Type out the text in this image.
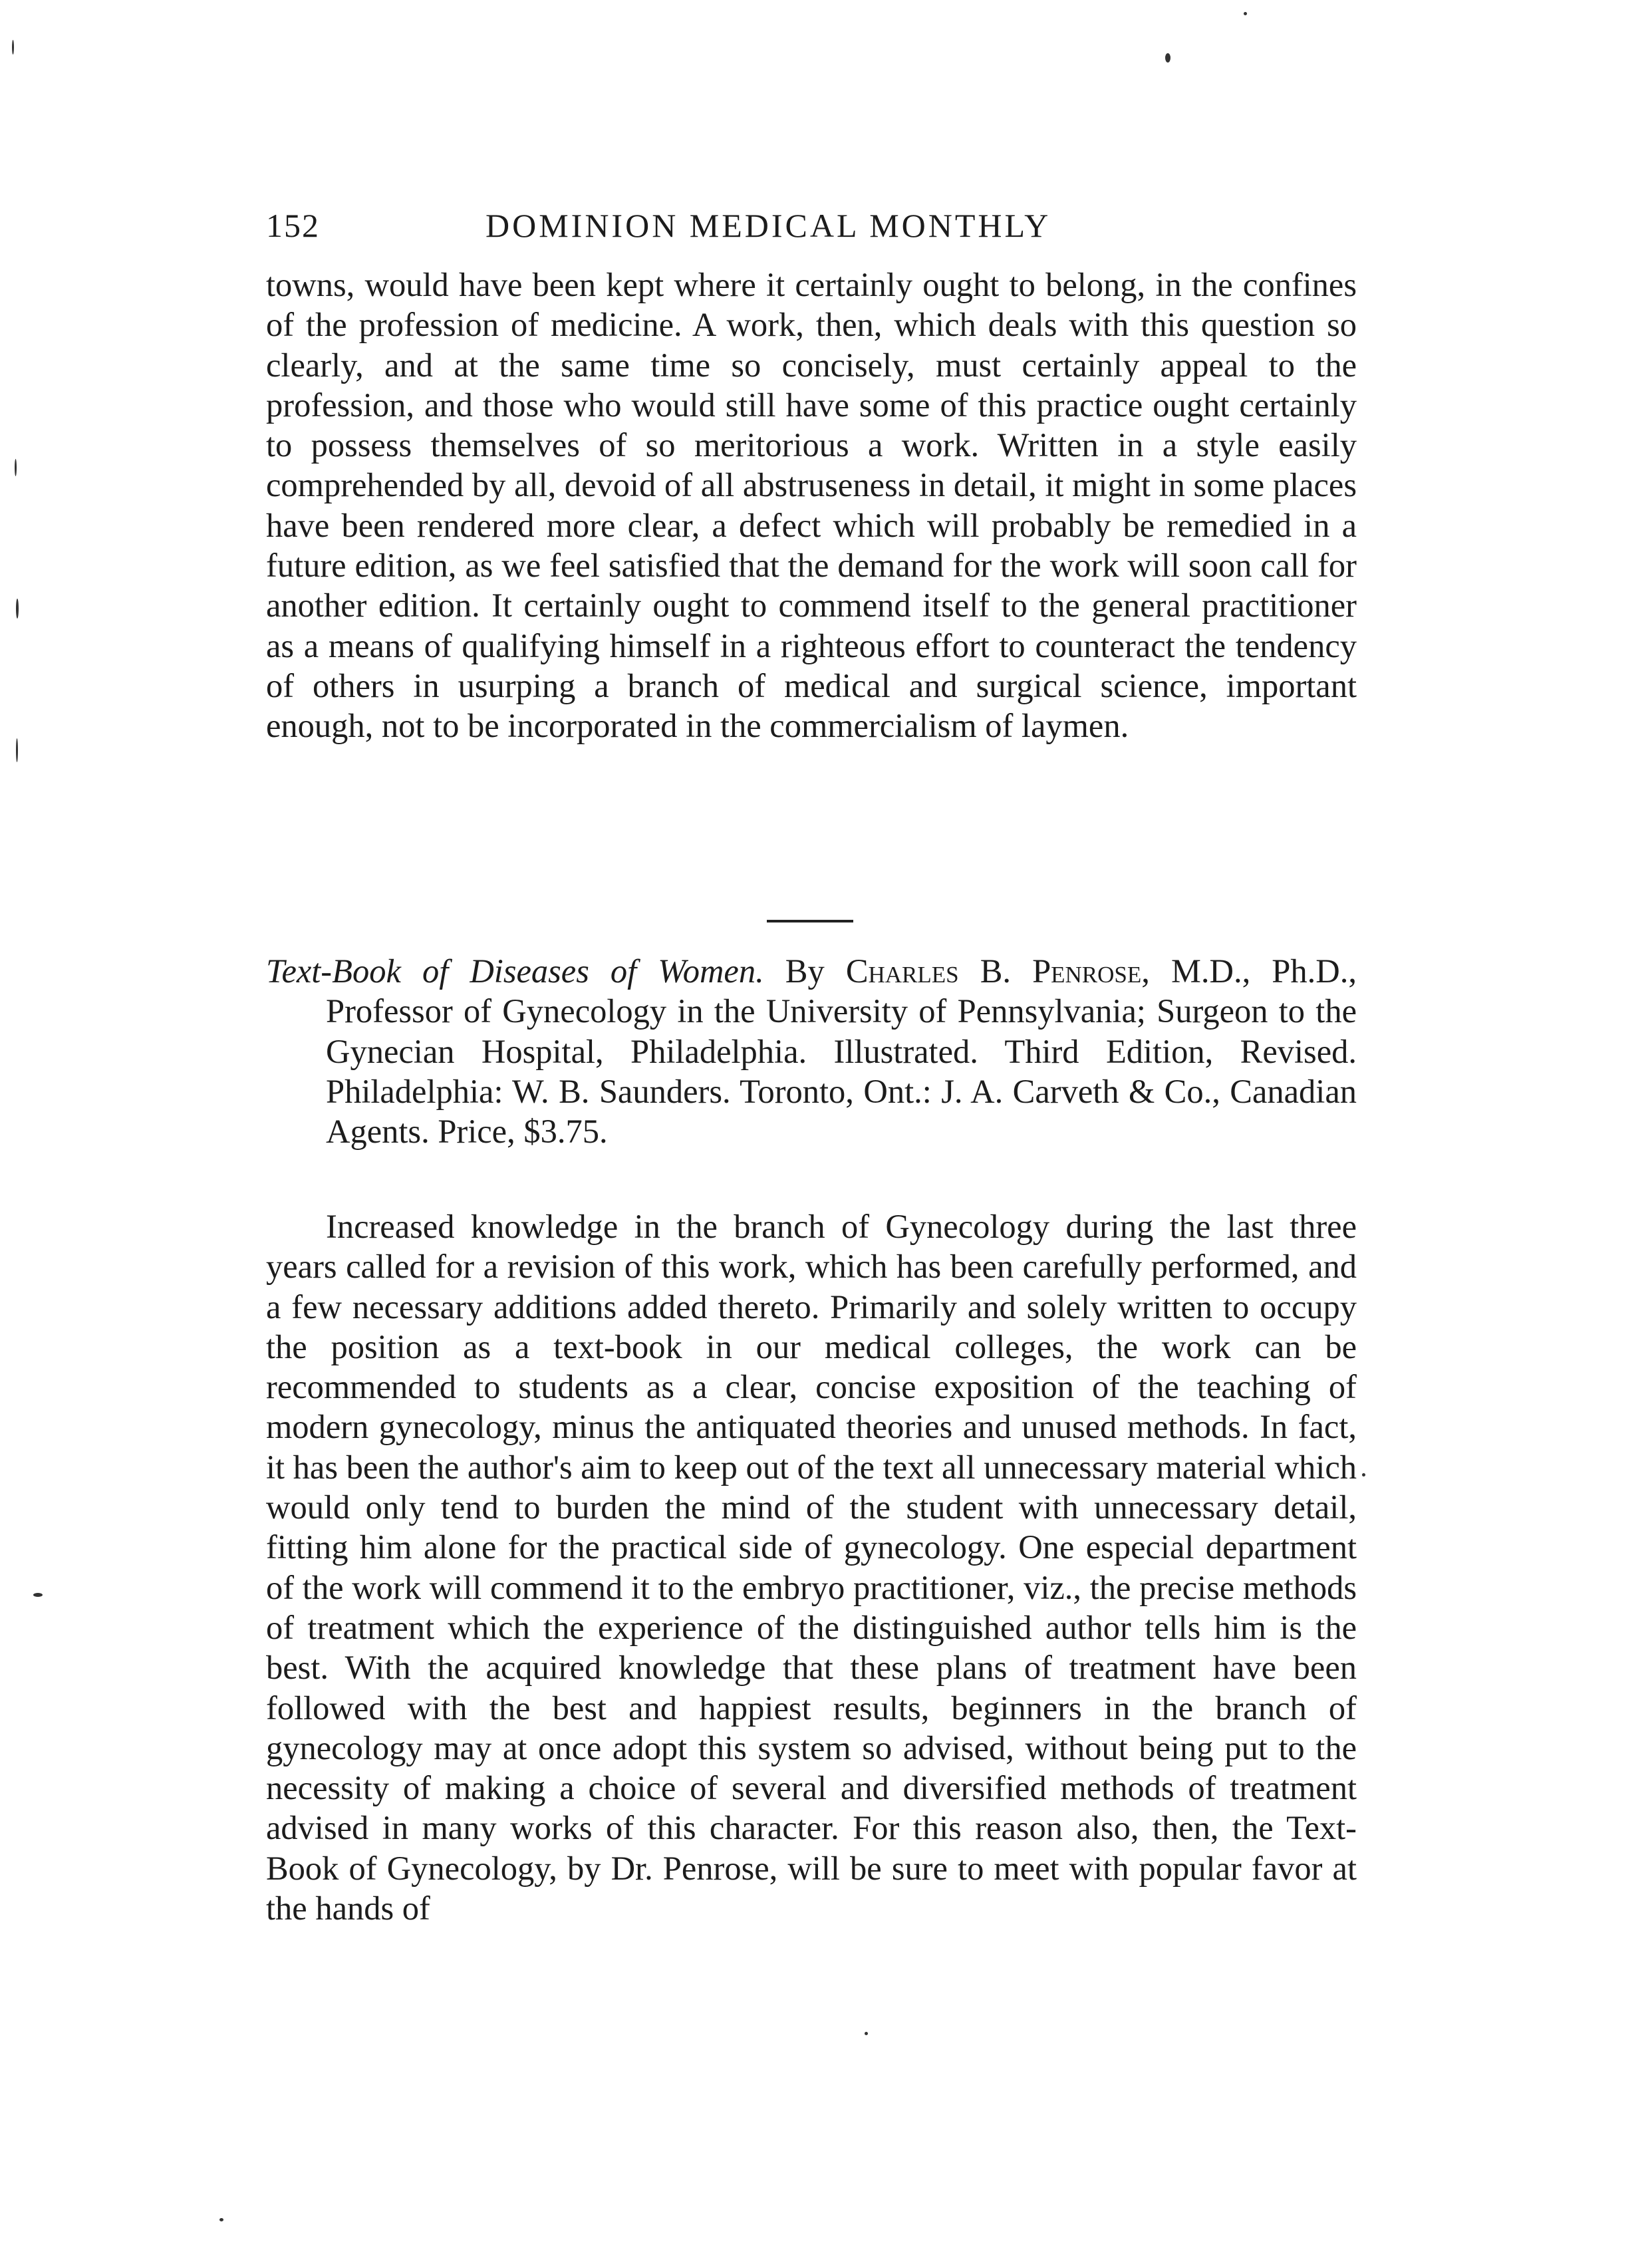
152	DOMINION MEDICAL MONTHLY

towns, would have been kept where it certainly ought to belong, in the confines of the profession of medicine. A work, then, which deals with this question so clearly, and at the same time so concisely, must certainly appeal to the profession, and those who would still have some of this practice ought certainly to possess themselves of so meritorious a work. Written in a style easily comprehended by all, devoid of all abstruseness in detail, it might in some places have been rendered more clear, a defect which will probably be remedied in a future edition, as we feel satisfied that the demand for the work will soon call for another edition. It certainly ought to commend itself to the general practitioner as a means of qualifying himself in a righteous effort to counteract the tendency of others in usurping a branch of medical and surgical science, important enough, not to be incorporated in the commercialism of laymen.

Text-Book of Diseases of Women. By Charles B. Penrose, M.D., Ph.D., Professor of Gynecology in the University of Pennsylvania; Surgeon to the Gynecian Hospital, Philadelphia. Illustrated. Third Edition, Revised. Philadelphia: W. B. Saunders. Toronto, Ont.: J. A. Carveth & Co., Canadian Agents. Price, $3.75.

Increased knowledge in the branch of Gynecology during the last three years called for a revision of this work, which has been carefully performed, and a few necessary additions added thereto. Primarily and solely written to occupy the position as a text-book in our medical colleges, the work can be recommended to students as a clear, concise exposition of the teaching of modern gynecology, minus the antiquated theories and unused methods. In fact, it has been the author's aim to keep out of the text all unnecessary material which would only tend to burden the mind of the student with unnecessary detail, fitting him alone for the practical side of gynecology. One especial department of the work will commend it to the embryo practitioner, viz., the precise methods of treatment which the experience of the distinguished author tells him is the best. With the acquired knowledge that these plans of treatment have been followed with the best and happiest results, beginners in the branch of gynecology may at once adopt this system so advised, without being put to the necessity of making a choice of several and diversified methods of treatment advised in many works of this character. For this reason also, then, the Text-Book of Gynecology, by Dr. Penrose, will be sure to meet with popular favor at the hands of
